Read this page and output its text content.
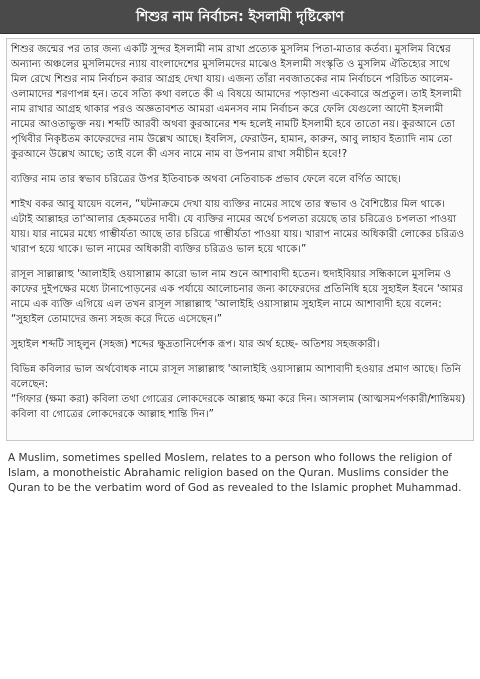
শিশুর নাম নির্বাচন: ইসলামী দৃষ্টিকোণ

শিশুর জন্মের পর তার জন্য একটি সুন্দর ইসলামী নাম রাখা প্রত্যেক মুসলিম পিতা-মাতার কর্তব্য। মুসলিম বিশ্বের অন্যান্য অঞ্চলের মুসলিমদের ন্যায় বাংলাদেশের মুসলিমদের মাঝেও ইসলামী সংস্কৃতি ও মুসলিম ঐতিহ্যের সাথে মিল রেখে শিশুর নাম নির্বাচন করার আগ্রহ দেখা যায়। এজন্য তাঁরা নবজাতকের নাম নির্বাচনে পরিচিত আলেম-ওলামাদের শরণাপন্ন হন। তবে সত্যি কথা বলতে কী এ বিষয়ে আমাদের পড়াশুনা একেবারে অপ্রতুল। তাই ইসলামী নাম রাখার আগ্রহ থাকার পরও অজ্ঞতাবশত আমরা এমনসব নাম নির্বাচন করে ফেলি যেগুলো আদৌ ইসলামী নামের আওতাভুক্ত নয়। শব্দটি আরবী অথবা কুরআনের শব্দ হলেই নামটি ইসলামী হবে তাতো নয়। কুরআনে তো পৃথিবীর নিকৃষ্টতম কাফেরদের নাম উল্লেখ আছে। ইবলিস, ফেরাউন, হামান, কারুন, আবু লাহাব ইত্যাদি নাম তো কুরআনে উল্লেখ আছে; তাই বলে কী এসব নামে নাম বা উপনাম রাখা সমীচীন হবে!?

ব্যক্তির নাম তার স্বভাব চরিত্রের উপর ইতিবাচক অথবা নেতিবাচক প্রভাব ফেলে বলে বর্ণিত আছে।

শাইখ বকর আবু যায়েদ বলেন, “ঘটনাক্রমে দেখা যায় ব্যক্তির নামের সাথে তার স্বভাব ও বৈশিষ্ট্যের মিল থাকে। এটাই আল্লাহর তা'আলার হেকমতের দাবী। যে ব্যক্তির নামের অর্থে চপলতা রয়েছে তার চরিত্রেও চপলতা পাওয়া যায়। যার নামের মধ্যে গাম্ভীর্যতা আছে তার চরিত্রে গাম্ভীর্যতা পাওয়া যায়। খারাপ নামের অধিকারী লোকের চরিত্রও খারাপ হয়ে থাকে। ভাল নামের অধিকারী ব্যক্তির চরিত্রও ভাল হয়ে থাকে।”

রাসূল সাল্লাল্লাহু 'আলাইহি ওয়াসাল্লাম কারো ভাল নাম শুনে আশাবাদী হতেন। হুদাইবিয়ার সন্ধিকালে মুসলিম ও কাফের দুইপক্ষের মধ্যে টানাপোড়নের এক পর্যায়ে আলোচনার জন্য কাফেরদের প্রতিনিধি হয়ে সুহাইল ইবনে 'আমর নামে এক ব্যক্তি এগিয়ে এল তখন রাসূল সাল্লাল্লাহু 'আলাইহি ওয়াসাল্লাম সুহাইল নামে আশাবাদী হয়ে বলেন: “সুহাইল তোমাদের জন্য সহজ করে দিতে এসেছেন।”

সুহাইল শব্দটি সাহ্‌লুন (সহজ) শব্দের ক্ষুদ্রতানির্দেশক রূপ। যার অর্থ হচ্ছে- অতিশয় সহজকারী।

বিভিন্ন কবিলার ভাল অর্থবোধক নামে রাসূল সাল্লাল্লাহু 'আলাইহি ওয়াসাল্লাম আশাবাদী হওয়ার প্রমাণ আছে। তিনি বলেছেন:
“গিফার (ক্ষমা করা) কবিলা তথা গোত্রের লোকদেরকে আল্লাহ ক্ষমা করে দিন। আসলাম (আত্মসমর্পণকারী/শান্তিময়) কবিলা বা গোত্রের লোকদেরকে আল্লাহ শান্তি দিন।”

A Muslim, sometimes spelled Moslem, relates to a person who follows the religion of Islam, a monotheistic Abrahamic religion based on the Quran. Muslims consider the Quran to be the verbatim word of God as revealed to the Islamic prophet Muhammad.
